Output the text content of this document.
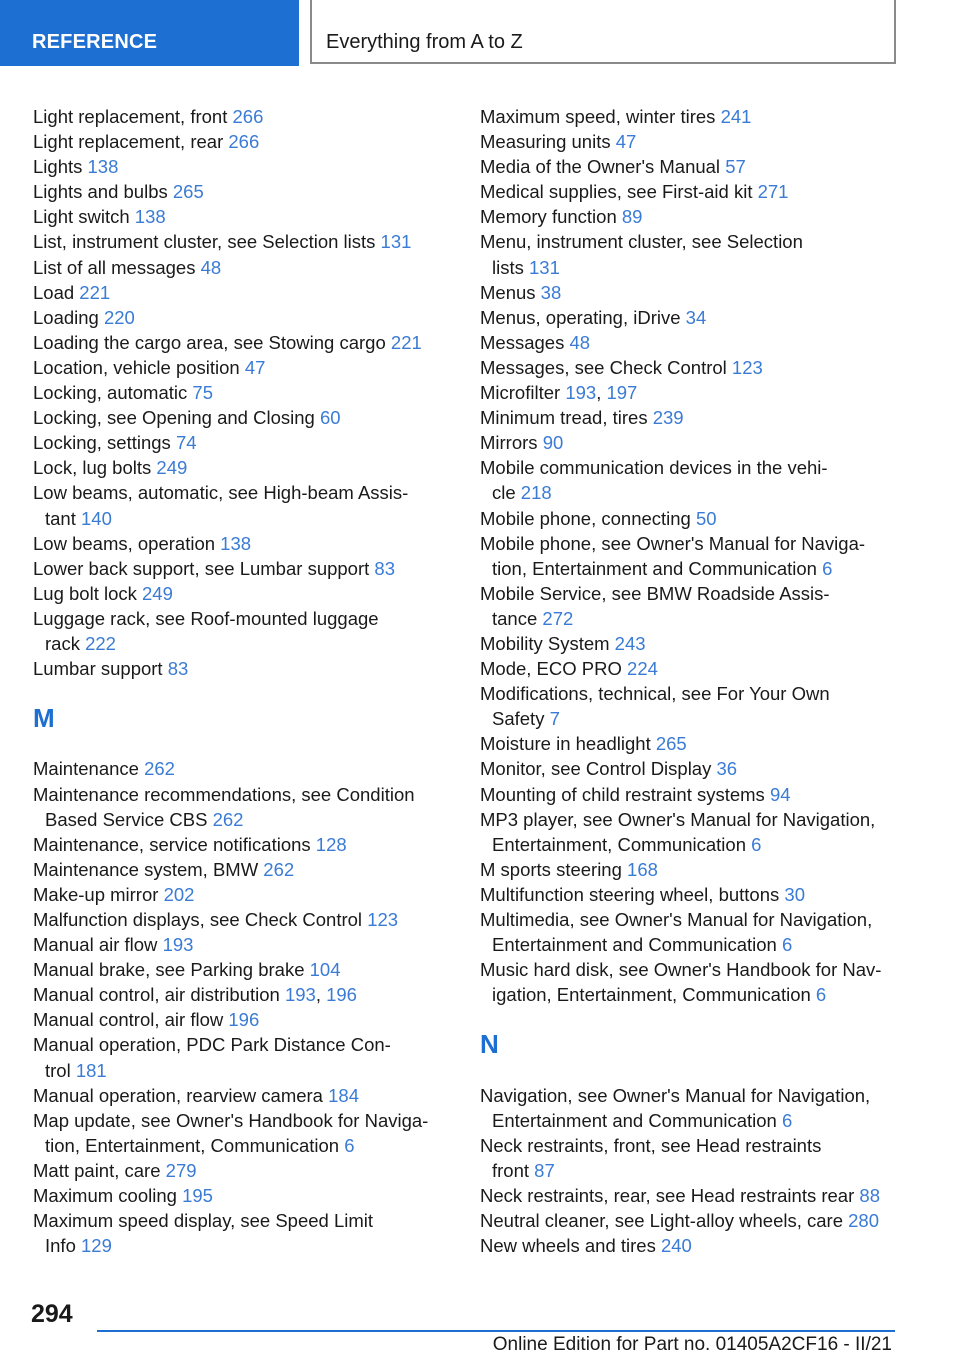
REFERENCE	Everything from A to Z
Light replacement, front 266
Light replacement, rear 266
Lights 138
Lights and bulbs 265
Light switch 138
List, instrument cluster, see Selection lists 131
List of all messages 48
Load 221
Loading 220
Loading the cargo area, see Stowing cargo 221
Location, vehicle position 47
Locking, automatic 75
Locking, see Opening and Closing 60
Locking, settings 74
Lock, lug bolts 249
Low beams, automatic, see High-beam Assis-
tant 140
Low beams, operation 138
Lower back support, see Lumbar support 83
Lug bolt lock 249
Luggage rack, see Roof-mounted luggage
rack 222
Lumbar support 83
M
Maintenance 262
Maintenance recommendations, see Condition
Based Service CBS 262
Maintenance, service notifications 128
Maintenance system, BMW 262
Make-up mirror 202
Malfunction displays, see Check Control 123
Manual air flow 193
Manual brake, see Parking brake 104
Manual control, air distribution 193, 196
Manual control, air flow 196
Manual operation, PDC Park Distance Con-
trol 181
Manual operation, rearview camera 184
Map update, see Owner's Handbook for Naviga-
tion, Entertainment, Communication 6
Matt paint, care 279
Maximum cooling 195
Maximum speed display, see Speed Limit
Info 129
Maximum speed, winter tires 241
Measuring units 47
Media of the Owner's Manual 57
Medical supplies, see First-aid kit 271
Memory function 89
Menu, instrument cluster, see Selection
lists 131
Menus 38
Menus, operating, iDrive 34
Messages 48
Messages, see Check Control 123
Microfilter 193, 197
Minimum tread, tires 239
Mirrors 90
Mobile communication devices in the vehi-
cle 218
Mobile phone, connecting 50
Mobile phone, see Owner's Manual for Naviga-
tion, Entertainment and Communication 6
Mobile Service, see BMW Roadside Assis-
tance 272
Mobility System 243
Mode, ECO PRO 224
Modifications, technical, see For Your Own
Safety 7
Moisture in headlight 265
Monitor, see Control Display 36
Mounting of child restraint systems 94
MP3 player, see Owner's Manual for Navigation,
Entertainment, Communication 6
M sports steering 168
Multifunction steering wheel, buttons 30
Multimedia, see Owner's Manual for Navigation,
Entertainment and Communication 6
Music hard disk, see Owner's Handbook for Nav-
igation, Entertainment, Communication 6
N
Navigation, see Owner's Manual for Navigation,
Entertainment and Communication 6
Neck restraints, front, see Head restraints
front 87
Neck restraints, rear, see Head restraints rear 88
Neutral cleaner, see Light-alloy wheels, care 280
New wheels and tires 240
294
Online Edition for Part no. 01405A2CF16 - II/21
